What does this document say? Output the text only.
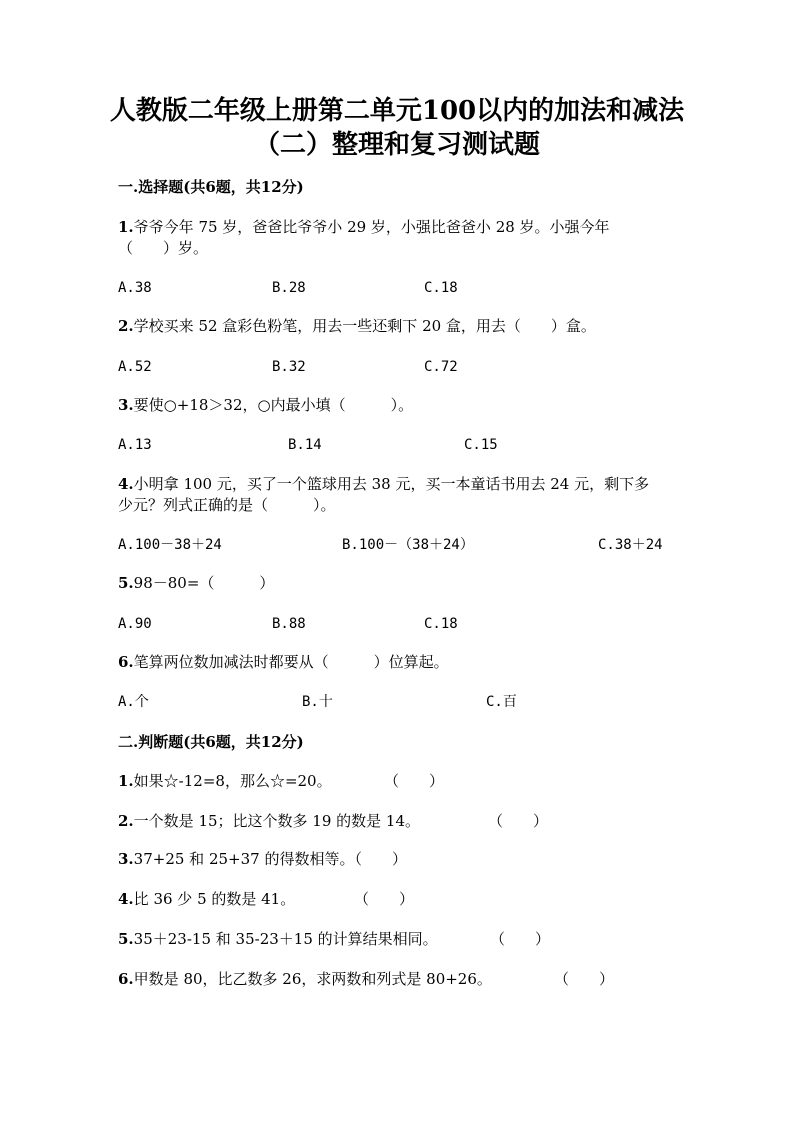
人教版二年级上册第二单元100以内的加法和减法
（二）整理和复习测试题
一.选择题(共6题，共12分)
1.爷爷今年 75 岁，爸爸比爷爷小 29 岁，小强比爸爸小 28 岁。小强今年
（　　）岁。
A.38	B.28	C.18
2.学校买来 52 盒彩色粉笔，用去一些还剩下 20 盒，用去（　　）盒。
A.52	B.32	C.72
3.要使○+18＞32，○内最小填（　　　）。
A.13	B.14	C.15
4.小明拿 100 元，买了一个篮球用去 38 元，买一本童话书用去 24 元，剩下多
少元？列式正确的是（　　　）。
A.100－38＋24	B.100－（38＋24）	C.38＋24
5.98－80=（　　　）
A.90	B.88	C.18
6.笔算两位数加减法时都要从（　　　）位算起。
A.个	B.十	C.百
二.判断题(共6题，共12分)
1.如果☆-12=8，那么☆=20。	（　　）
2.一个数是 15；比这个数多 19 的数是 14。	（　　）
3.37+25 和 25+37 的得数相等。（　　）
4.比 36 少 5 的数是 41。	（　　）
5.35＋23-15 和 35-23＋15 的计算结果相同。	（　　）
6.甲数是 80，比乙数多 26，求两数和列式是 80+26。	（　　）
